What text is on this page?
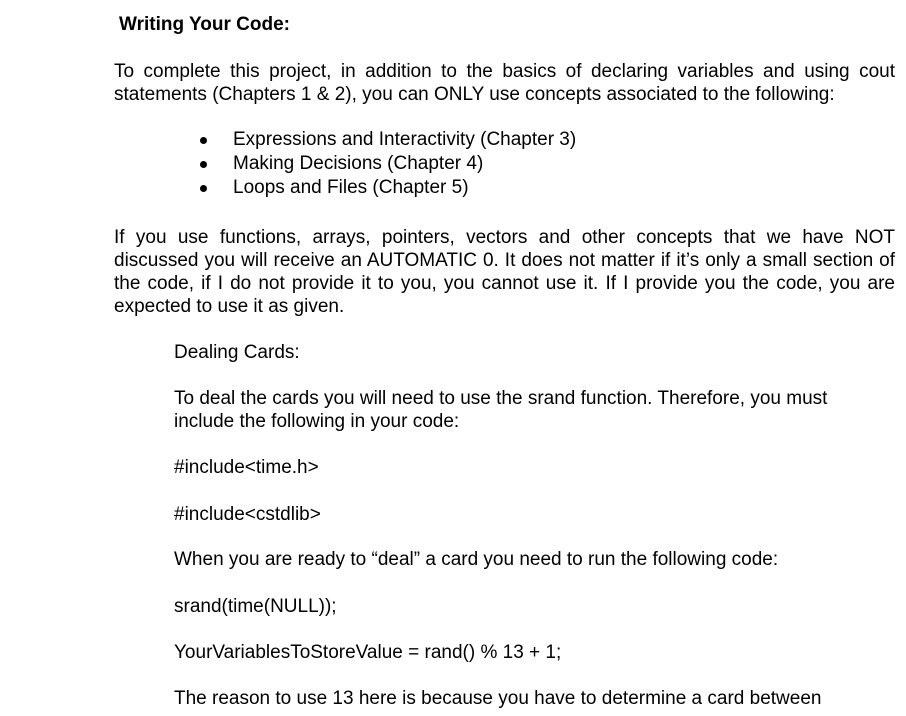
Writing Your Code:

To complete this project, in addition to the basics of declaring variables and using cout statements (Chapters 1 & 2), you can ONLY use concepts associated to the following:

Expressions and Interactivity (Chapter 3)
Making Decisions (Chapter 4)
Loops and Files (Chapter 5)

If you use functions, arrays, pointers, vectors and other concepts that we have NOT discussed you will receive an AUTOMATIC 0. It does not matter if it’s only a small section of the code, if I do not provide it to you, you cannot use it. If I provide you the code, you are expected to use it as given.

Dealing Cards:

To deal the cards you will need to use the srand function. Therefore, you must include the following in your code:

#include<time.h>

#include<cstdlib>

When you are ready to “deal” a card you need to run the following code:

srand(time(NULL));

YourVariablesToStoreValue = rand() % 13 + 1;

The reason to use 13 here is because you have to determine a card between
